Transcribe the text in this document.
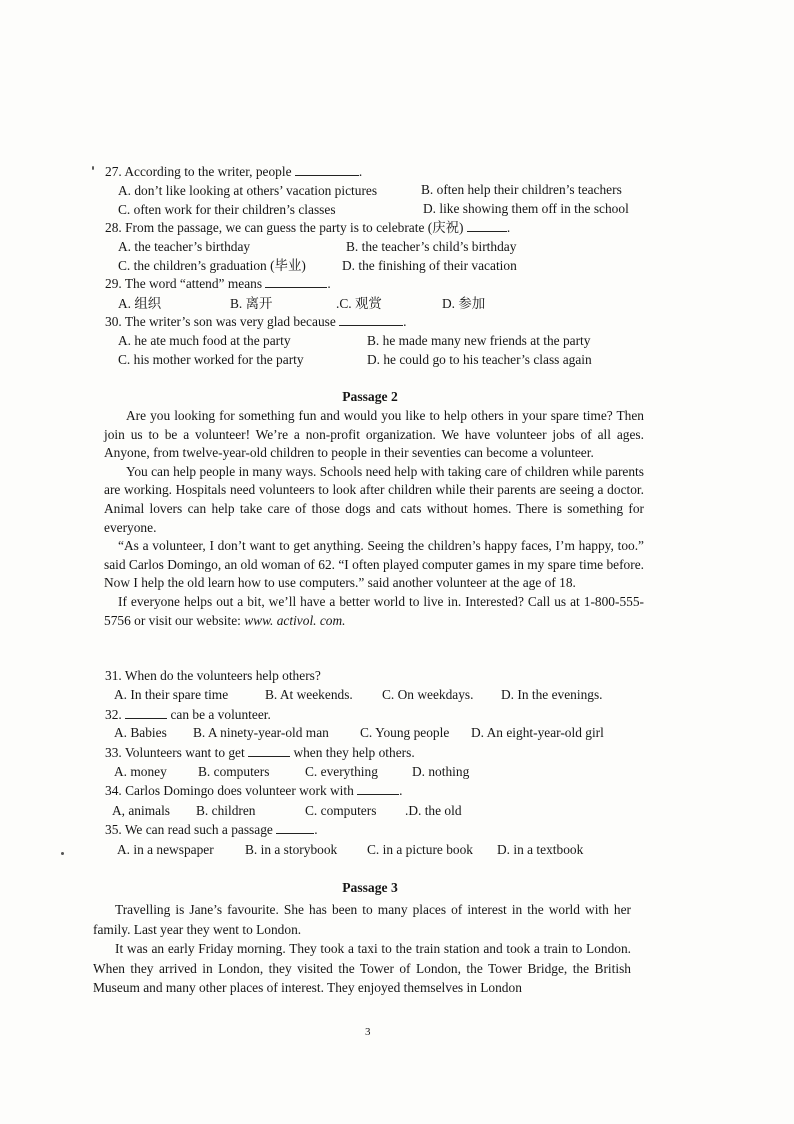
27. According to the writer, people	.
A. don’t like looking at others’ vacation pictures	B. often help their children’s teachers
C. often work for their children’s classes	D. like showing them off in the school
28. From the passage, we can guess the party is to celebrate (庆祝)	.
A. the teacher’s birthday	B. the teacher’s child’s birthday
C. the children’s graduation (毕业)	D. the finishing of their vacation
29. The word “attend” means	.
A. 组织	B. 离开	.C. 观赏	D. 参加
30. The writer’s son was very glad because	.
A. he ate much food at the party	B. he made many new friends at the party
C. his mother worked for the party	D. he could go to his teacher’s class again
Passage 2

Are you looking for something fun and would you like to help others in your spare time? Then join us to be a volunteer! We’re a non-profit organization. We have volunteer jobs of all ages. Anyone, from twelve-year-old children to people in their seventies can become a volunteer.

You can help people in many ways. Schools need help with taking care of children while parents are working. Hospitals need volunteers to look after children while their parents are seeing a doctor. Animal lovers can help take care of those dogs and cats without homes. There is something for everyone.

“As a volunteer, I don’t want to get anything. Seeing the children’s happy faces, I’m happy, too.” said Carlos Domingo, an old woman of 62. “I often played computer games in my spare time before. Now I help the old learn how to use computers.” said another volunteer at the age of 18.

If everyone helps out a bit, we’ll have a better world to live in. Interested? Call us at 1-800-555-5756 or visit our website: www. activol. com.

31. When do the volunteers help others?
A. In their spare time	B. At weekends. C. On weekdays. D. In the evenings.
32.	can be a volunteer.
A. Babies B. A ninety-year-old man C. Young people D. An eight-year-old girl
33. Volunteers want to get	when they help others.
A. money B. computers	C. everything	D. nothing
34. Carlos Domingo does volunteer work with	.
A, animals B. children	C. computers .D. the old
35. We can read such a passage	.
A. in a newspaper B. in a storybook C. in a picture book D. in a textbook
Passage 3

Travelling is Jane’s favourite. She has been to many places of interest in the world with her family. Last year they went to London.

It was an early Friday morning. They took a taxi to the train station and took a train to London. When they arrived in London, they visited the Tower of London, the Tower Bridge, the British Museum and many other places of interest. They enjoyed themselves in London

3
